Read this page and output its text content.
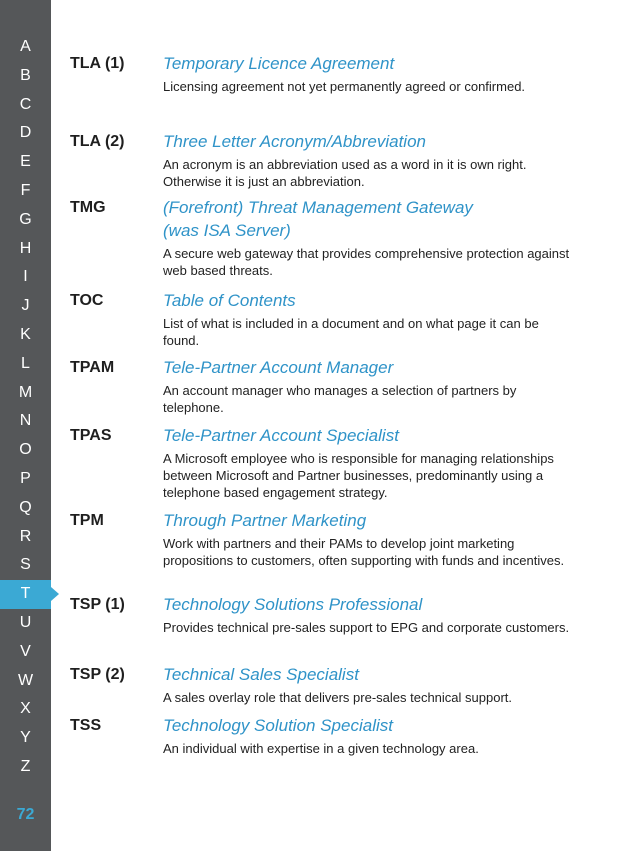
A
B
C
D
E
F
G
H
I
J
K
L
M
N
O
P
Q
R
S
T
U
V
W
X
Y
Z
72
TLA (1)	Temporary Licence Agreement
Licensing agreement not yet permanently agreed or confirmed.
TLA (2)	Three Letter Acronym/Abbreviation
An acronym is an abbreviation used as a word in it is own right. Otherwise it is just an abbreviation.
TMG	(Forefront) Threat Management Gateway (was ISA Server)
A secure web gateway that provides comprehensive protection against web based threats.
TOC	Table of Contents
List of what is included in a document and on what page it can be found.
TPAM	Tele-Partner Account Manager
An account manager who manages a selection of partners by telephone.
TPAS	Tele-Partner Account Specialist
A Microsoft employee who is responsible for managing relationships between Microsoft and Partner businesses, predominantly using a telephone based engagement strategy.
TPM	Through Partner Marketing
Work with partners and their PAMs to develop joint marketing propositions to customers, often supporting with funds and incentives.
TSP (1)	Technology Solutions Professional
Provides technical pre-sales support to EPG and corporate customers.
TSP (2)	Technical Sales Specialist
A sales overlay role that delivers pre-sales technical support.
TSS	Technology Solution Specialist
An individual with expertise in a given technology area.
